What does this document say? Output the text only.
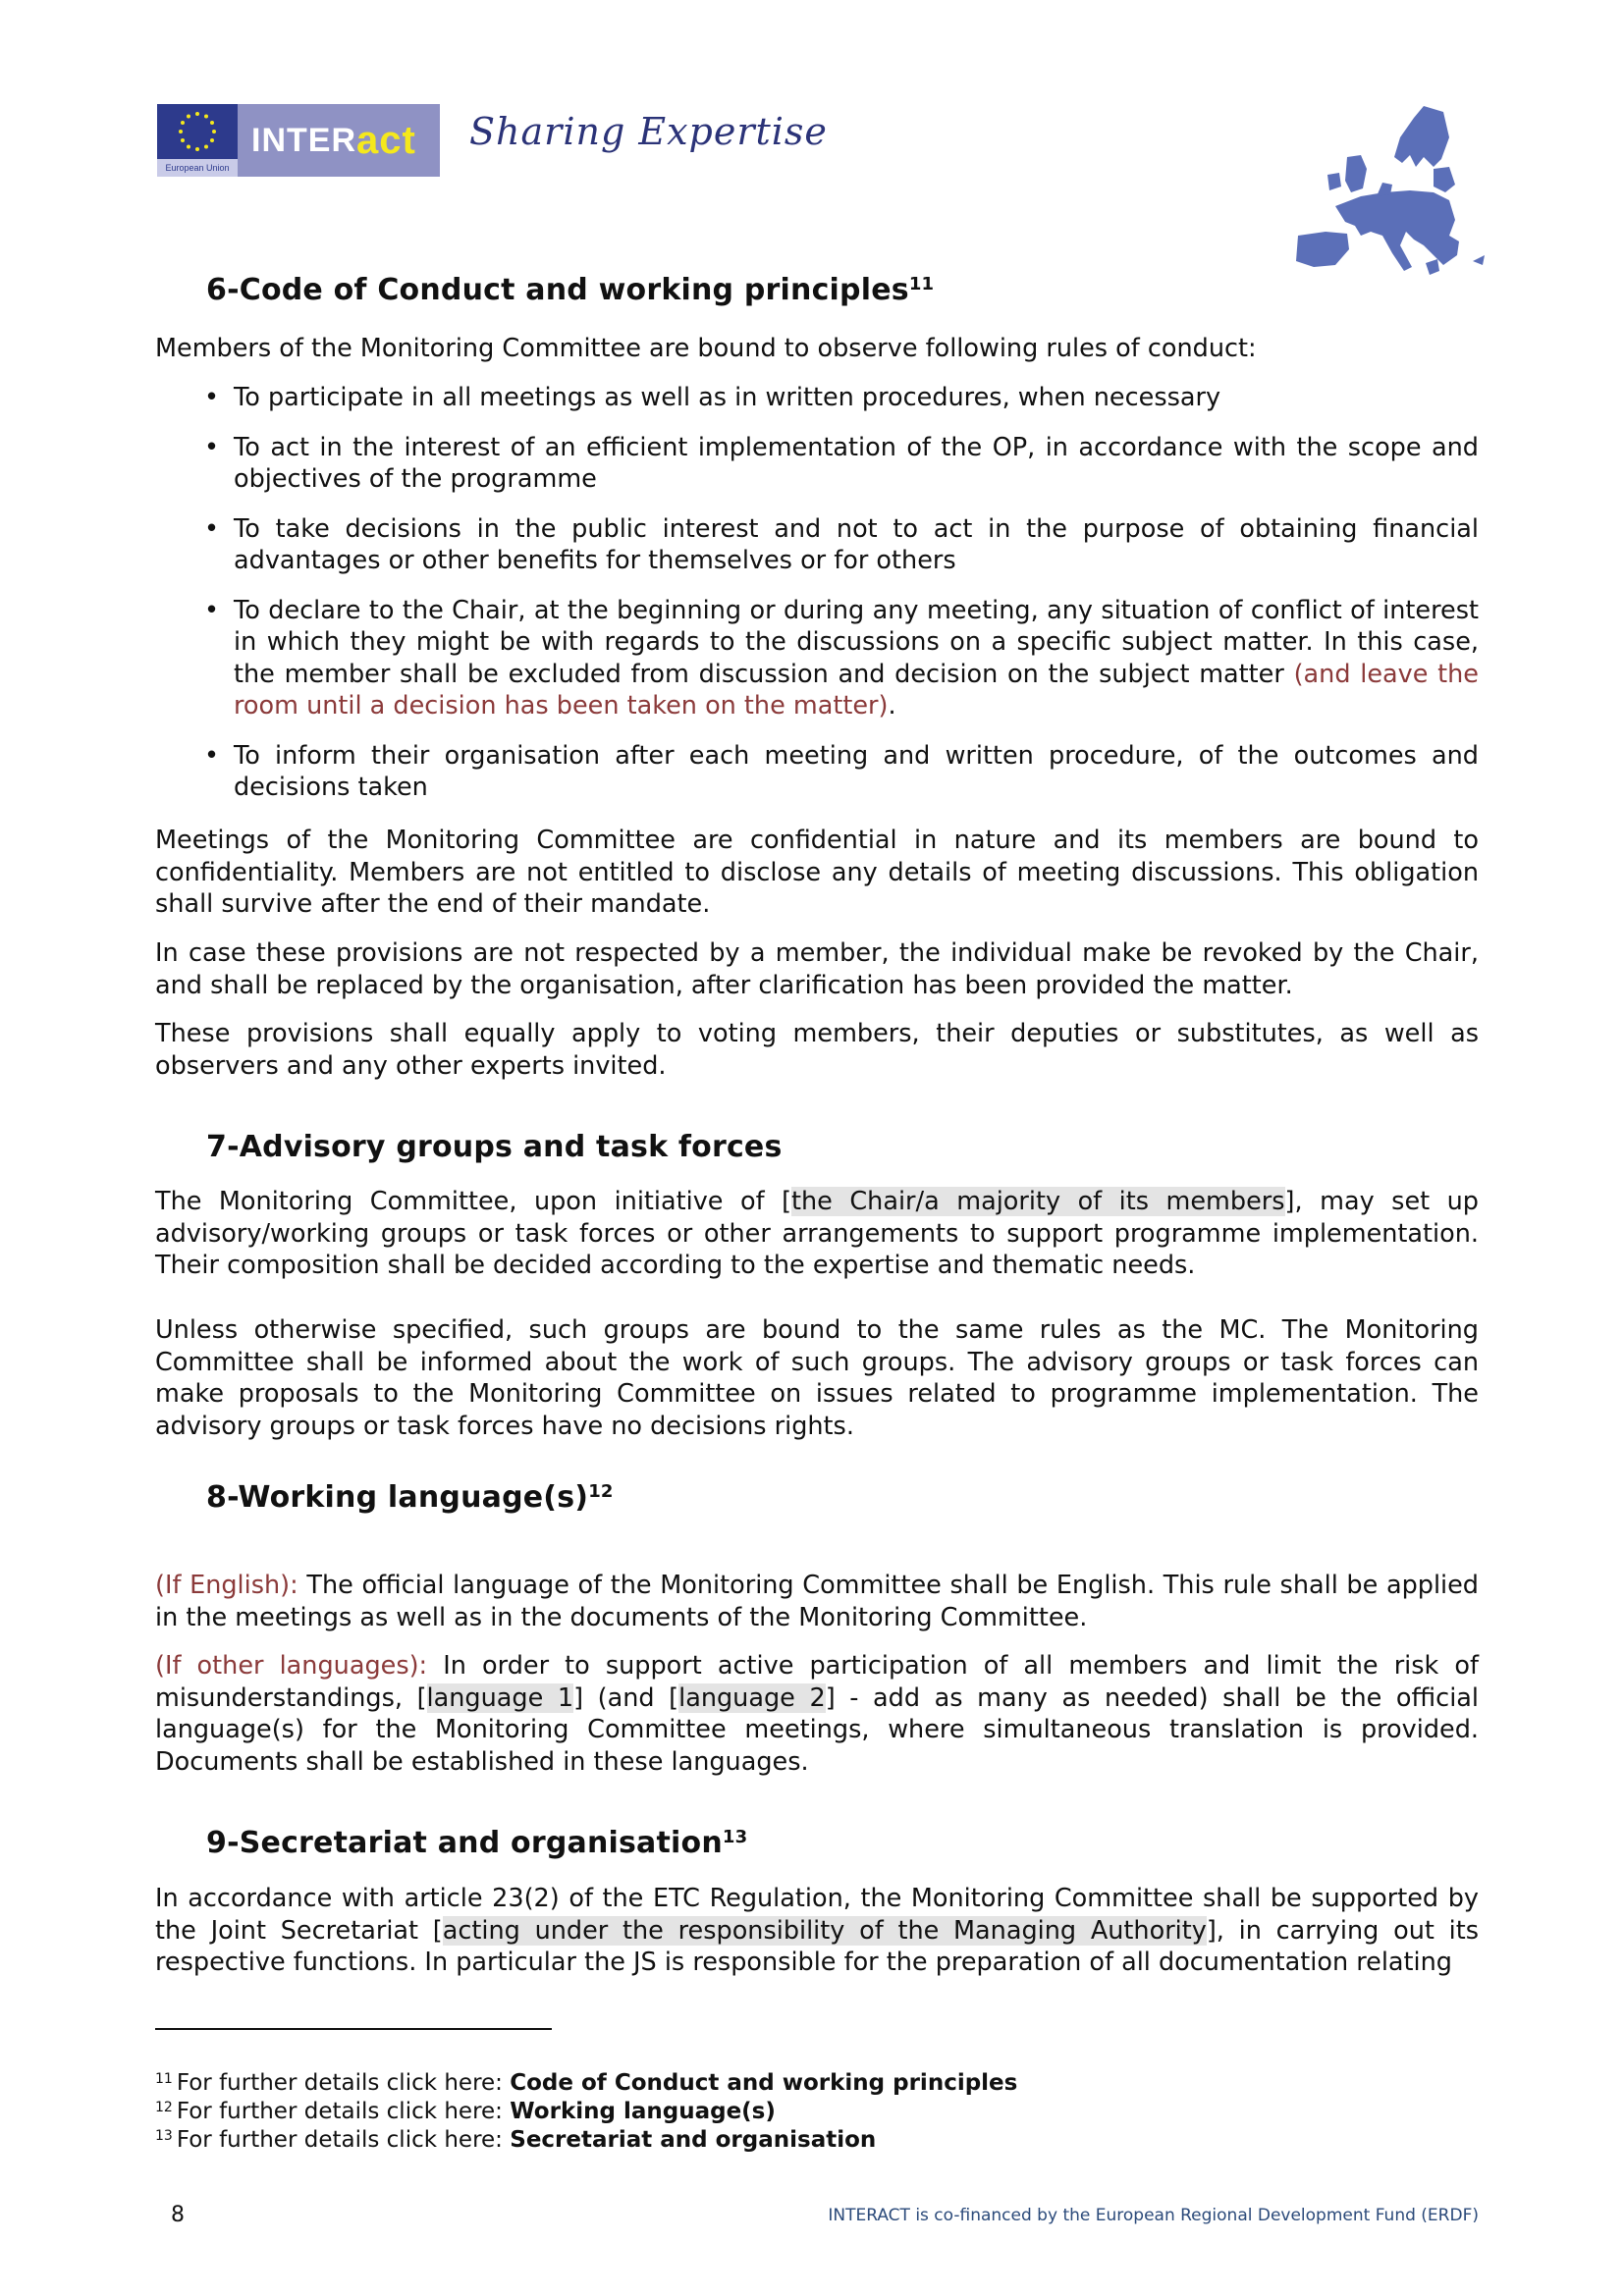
European Union
INTER act Sharing Expertise
6-Code of Conduct and working principles$^{11}$

Members of the Monitoring Committee are bound to observe following rules of conduct:

• To participate in all meetings as well as in written procedures, when necessary
• To act in the interest of an efficient implementation of the OP, in accordance with the scope and objectives of the programme
• To take decisions in the public interest and not to act in the purpose of obtaining financial advantages or other benefits for themselves or for others
• To declare to the Chair, at the beginning or during any meeting, any situation of conflict of interest in which they might be with regards to the discussions on a specific subject matter. In this case, the member shall be excluded from discussion and decision on the subject matter (and leave the room until a decision has been taken on the matter).
• To inform their organisation after each meeting and written procedure, of the outcomes and decisions taken

Meetings of the Monitoring Committee are confidential in nature and its members are bound to confidentiality. Members are not entitled to disclose any details of meeting discussions. This obligation shall survive after the end of their mandate.

In case these provisions are not respected by a member, the individual make be revoked by the Chair, and shall be replaced by the organisation, after clarification has been provided the matter.

These provisions shall equally apply to voting members, their deputies or substitutes, as well as observers and any other experts invited.

7-Advisory groups and task forces

The Monitoring Committee, upon initiative of [the Chair/a majority of its members], may set up advisory/working groups or task forces or other arrangements to support programme implementation. Their composition shall be decided according to the expertise and thematic needs.

Unless otherwise specified, such groups are bound to the same rules as the MC. The Monitoring Committee shall be informed about the work of such groups. The advisory groups or task forces can make proposals to the Monitoring Committee on issues related to programme implementation. The advisory groups or task forces have no decisions rights.

8-Working $language(s)^{12}$

(If English): The official language of the Monitoring Committee shall be English. This rule shall be applied in the meetings as well as in the documents of the Monitoring Committee.

(If other languages): In order to support active participation of all members and limit the risk of misunderstandings, [language 1] (and [language 2] - add as many as needed) shall be the official language(s) for the Monitoring Committee meetings, where simultaneous translation is provided. Documents shall be established in these languages.

9-Secretariat and organisation$^{13}$

In accordance with article 23(2) of the ETC Regulation, the Monitoring Committee shall be supported by the Joint Secretariat [acting under the responsibility of the Managing Authority], in carrying out its respective functions. In particular the JS is responsible for the preparation of all documentation relating

$^{11}$ For further details click here: Code of Conduct and working principles
$^{12}$ For further details click here: Working language(s)
$^{13}$ For further details click here: Secretariat and organisation
8	INTERACT is co-financed by the European Regional Development Fund (ERDF)
